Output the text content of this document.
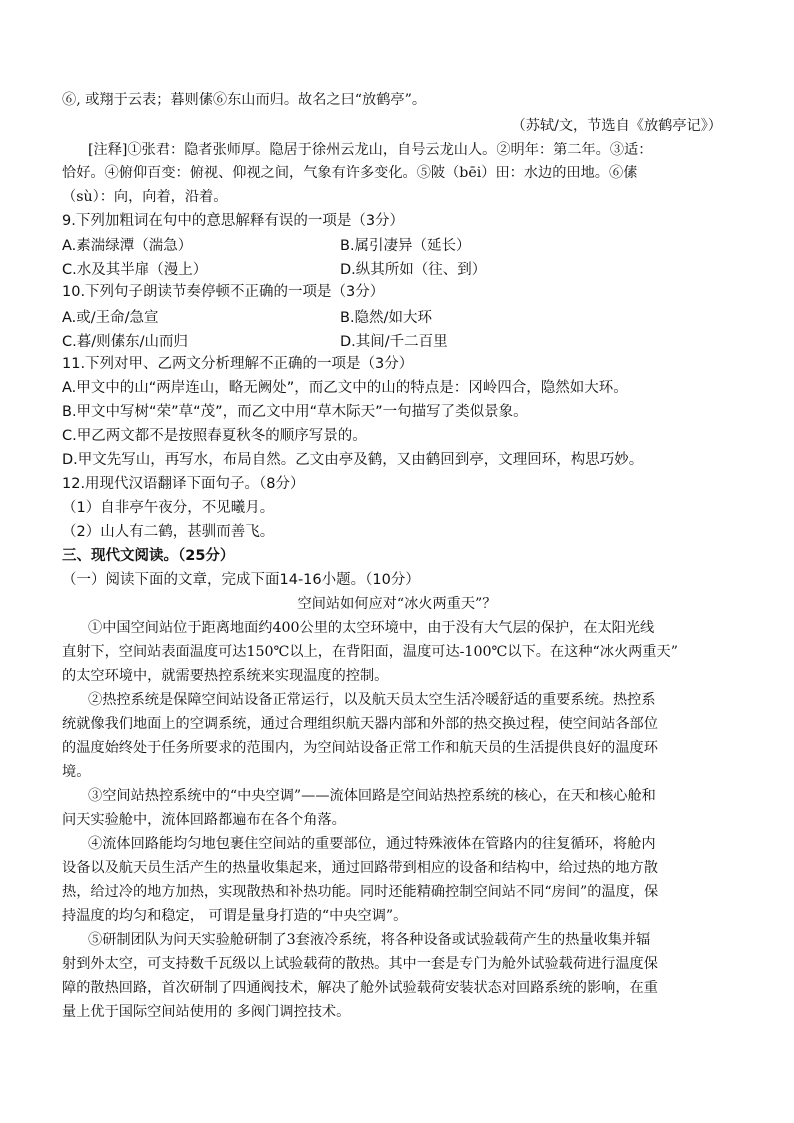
⑥, 或翔于云表；暮则傃⑥东山而归。故名之曰“放鹤亭”。
（苏轼/文，节选自《放鹤亭记》）
[注释]①张君：隐者张师厚。隐居于徐州云龙山，自号云龙山人。②明年：第二年。③适：
恰好。④俯仰百变：俯视、仰视之间，气象有许多变化。⑤陂（bēi）田：水边的田地。⑥傃
（sù）：向，向着，沿着。
9.下列加粗词在句中的意思解释有误的一项是（3分）
A.素湍绿潭（湍急）	B.属引凄异（延长）
C.水及其半扉（漫上）	D.纵其所如（往、到）
10.下列句子朗读节奏停顿不正确的一项是（3分）
A.或/王命/急宣	B.隐然/如大环
C.暮/则傃东/山而归	D.其间/千二百里
11.下列对甲、乙两文分析理解不正确的一项是（3分）
A.甲文中的山“两岸连山，略无阙处”，而乙文中的山的特点是：冈岭四合，隐然如大环。
B.甲文中写树“荣”草“茂”，而乙文中用“草木际天”一句描写了类似景象。
C.甲乙两文都不是按照春夏秋冬的顺序写景的。
D.甲文先写山，再写水，布局自然。乙文由亭及鹤，又由鹤回到亭，文理回环，构思巧妙。
12.用现代汉语翻译下面句子。（8分）
（1）自非亭午夜分，不见曦月。
（2）山人有二鹤，甚驯而善飞。
三、现代文阅读。（25分）
（一）阅读下面的文章，完成下面14-16小题。（10分）
空间站如何应对“冰火两重天”？
①中国空间站位于距离地面约400公里的太空环境中，由于没有大气层的保护，在太阳光线
直射下，空间站表面温度可达150℃以上，在背阳面，温度可达-100℃以下。在这种“冰火两重天”
的太空环境中，就需要热控系统来实现温度的控制。
②热控系统是保障空间站设备正常运行，以及航天员太空生活冷暖舒适的重要系统。热控系
统就像我们地面上的空调系统，通过合理组织航天器内部和外部的热交换过程，使空间站各部位
的温度始终处于任务所要求的范围内，为空间站设备正常工作和航天员的生活提供良好的温度环
境。
③空间站热控系统中的“中央空调”——流体回路是空间站热控系统的核心，在天和核心舱和
问天实验舱中，流体回路都遍布在各个角落。
④流体回路能均匀地包裹住空间站的重要部位，通过特殊液体在管路内的往复循环，将舱内
设备以及航天员生活产生的热量收集起来，通过回路带到相应的设备和结构中，给过热的地方散
热，给过冷的地方加热，实现散热和补热功能。同时还能精确控制空间站不同“房间”的温度，保
持温度的均匀和稳定， 可谓是量身打造的“中央空调”。
⑤研制团队为问天实验舱研制了3套液冷系统，将各种设备或试验载荷产生的热量收集并辐
射到外太空，可支持数千瓦级以上试验载荷的散热。其中一套是专门为舱外试验载荷进行温度保
障的散热回路，首次研制了四通阀技术，解决了舱外试验载荷安装状态对回路系统的影响，在重
量上优于国际空间站使用的 多阀门调控技术。
